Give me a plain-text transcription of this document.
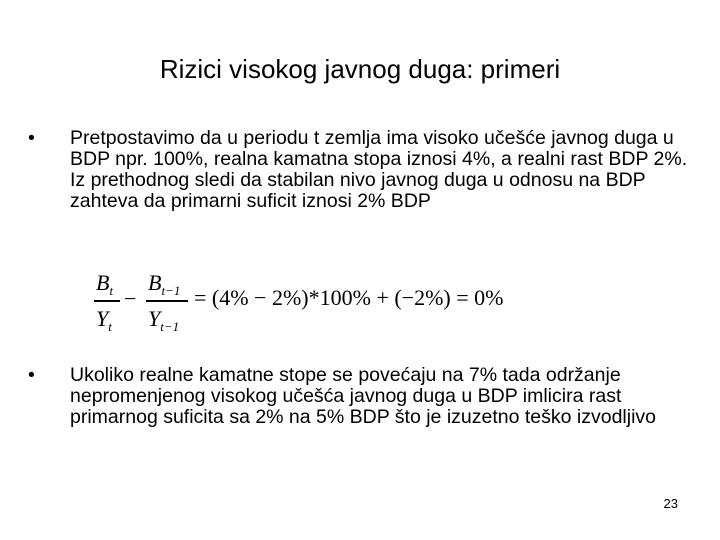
Rizici visokog javnog duga: primeri
•	Pretpostavimo da u periodu t zemlja ima visoko učešće javnog duga u BDP npr. 100%, realna kamatna stopa iznosi 4%, a realni rast BDP 2%. Iz prethodnog sledi da stabilan nivo javnog duga u odnosu na BDP zahteva da primarni suficit iznosi 2% BDP
$B_t$
$Y_t$
−
$B_{t-1}$
$Y_{t-1}$
= (4% − 2%)*100% + (−2%) = 0%
•	Ukoliko realne kamatne stope se povećaju na 7% tada održanje nepromenjenog visokog učešća javnog duga u BDP imlicira rast primarnog suficita sa 2% na 5% BDP što je izuzetno teško izvodljivo
23
